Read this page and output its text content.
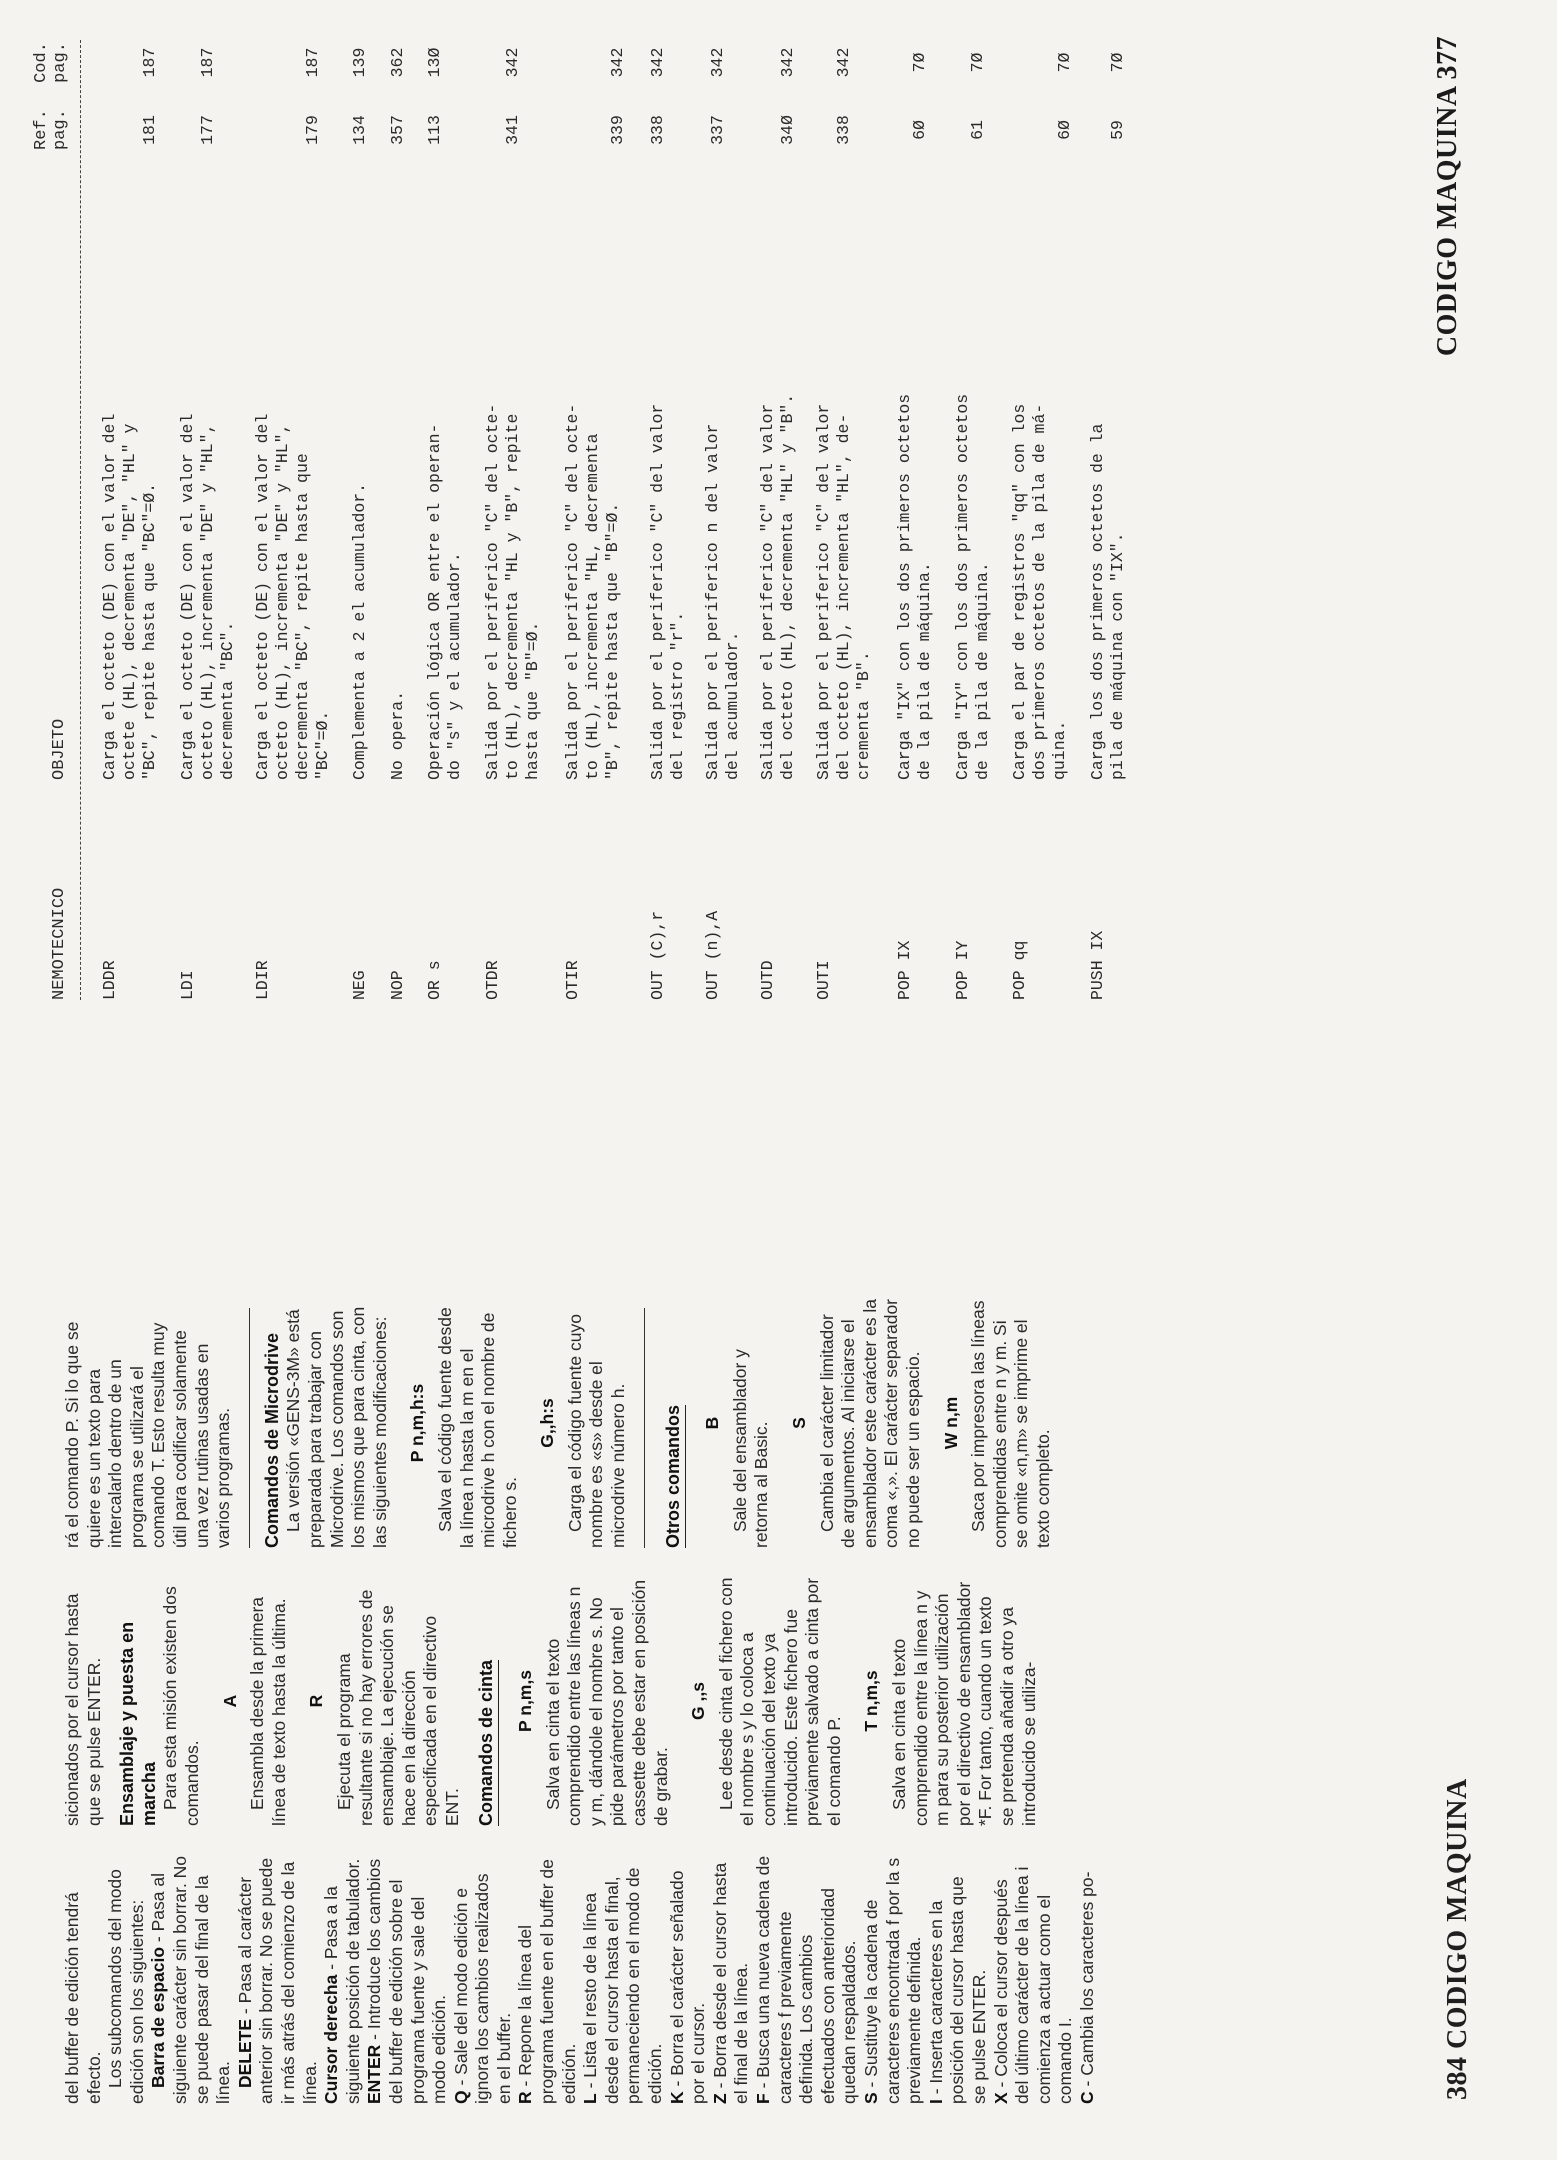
del buffer de edición tendrá efecto. Los subcomandos del modo edición son los siguientes: Barra de espacio - Pasa al siguiente carácter sin borrar. No se puede pasar del final de la línea. DELETE - Pasa al carácter anterior sin borrar. No se puede ir más atrás del comienzo de la línea. Cursor derecha - Pasa a la siguiente posición de tabulador. ENTER - Introduce los cambios del buffer de edición sobre el programa fuente y sale del modo edición. Q - Sale del modo edición e ignora los cambios realizados en el buffer. R - Repone la línea del programa fuente en el buffer de edición. L - Lista el resto de la línea desde el cursor hasta el final, permaneciendo en el modo de edición. K - Borra el carácter señalado por el cursor. Z - Borra desde el cursor hasta el final de la línea. F - Busca una nueva cadena de caracteres f previamente definida. Los cambios efectuados con anterioridad quedan respaldados. S - Sustituye la cadena de caracteres encontrada f por la s previamente definida. I - Inserta caracteres en la posición del cursor hasta que se pulse ENTER. X - Coloca el cursor después del último carácter de la línea i comienza a actuar como el comando I. C - Cambia los caracteres po-

sicionados por el cursor hasta que se pulse ENTER. Ensamblaje y puesta en marcha Para esta misión existen dos comandos.

A Ensambla desde la primera línea de texto hasta la última. R Ejecuta el programa resultante si no hay errores de ensamblaje. La ejecución se hace en la dirección especificada en el directivo ENT. Comandos de cinta P n,m,s Salva en cinta el texto comprendido entre las líneas n y m, dándole el nombre s. No pide parámetros por tanto el cassette debe estar en posición de grabar.

G ,,s Lee desde cinta el fichero con el nombre s y lo coloca a continuación del texto ya introducido. Este fichero fue previamente salvado a cinta por el comando P.

T n,m,s Salva en cinta el texto comprendido entre la línea n y m para su posterior utilización por el directivo de ensamblador *F. For tanto, cuando un texto se pretenda añadir a otro ya introducido se utiliza-

rá el comando P. Si lo que se quiere es un texto para intercalarlo dentro de un programa se utilizará el comando T. Esto resulta muy útil para codificar solamente una vez rutinas usadas en varios programas. Comandos de Microdrive La versión «GENS-3M» está preparada para trabajar con Microdrive. Los comandos son los mismos que para cinta, con las siguientes modificaciones: P n,m,h:s Salva el código fuente desde la línea n hasta la m en el microdrive h con el nombre de fichero s.

G,,h:s Carga el código fuente cuyo nombre es «s» desde el microdrive número h. Otros comandos B Sale del ensamblador y retorna al Basic. S Cambia el carácter limitador de argumentos. Al iniciarse el ensamblador este carácter es la coma «,». El carácter separador no puede ser un espacio. W n,m Saca por impresora las líneas comprendidas entre n y m. Si se omite «n,m» se imprime el texto completo.

384 CODIGO MAQUINA
NEMOTECNICO
OBJETO
Ref. pag.
Cod. pag.
LDDR
Carga el octeto (DE) con el valor del
octete (HL), decrementa "DE", "HL" y
"BC", repite hasta que "BC"=Ø.
181
187
LDI
Carga el octeto (DE) con el valor del
octeto (HL), incrementa "DE" y "HL",
decrementa "BC".
177
187
LDIR
Carga el octeto (DE) con el valor del
octeto (HL), incrementa "DE" y "HL",
decrementa "BC", repite hasta que
"BC"=Ø.
179
187
NEG
Complementa a 2 el acumulador.
134
139
NOP
No opera.
357
362
OR s
Operación lógica OR entre el operan-
do "s" y el acumulador.
113
13Ø
OTDR
Salida por el periferico "C" del octe-
to (HL), decrementa "HL y "B", repite
hasta que "B"=Ø.
341
342
OTIR
Salida por el periferico "C" del octe-
to (HL), incrementa "HL, decrementa
"B", repite hasta que "B"=Ø.
339
342
OUT (C),r
Salida por el periferico "C" del valor
del registro "r".
338
342
OUT (n),A
Salida por el periferico n del valor
del acumulador.
337
342
OUTD
Salida por el periferico "C" del valor
del octeto (HL), decrementa "HL" y "B".
34Ø
342
OUTI
Salida por el periferico "C" del valor
del octeto (HL), incrementa "HL", de-
crementa "B".
338
342
POP IX
Carga "IX" con los dos primeros octetos
de la pila de máquina.
6Ø
7Ø
POP IY
Carga "IY" con los dos primeros octetos
de la pila de máquina.
61
7Ø
POP qq
Carga el par de registros "qq" con los
dos primeros octetos de la pila de má-
quina.
6Ø
7Ø
PUSH IX
Carga los dos primeros octetos de la
pila de máquina con "IX".
59
7Ø	CODIGO MAQUINA 377
